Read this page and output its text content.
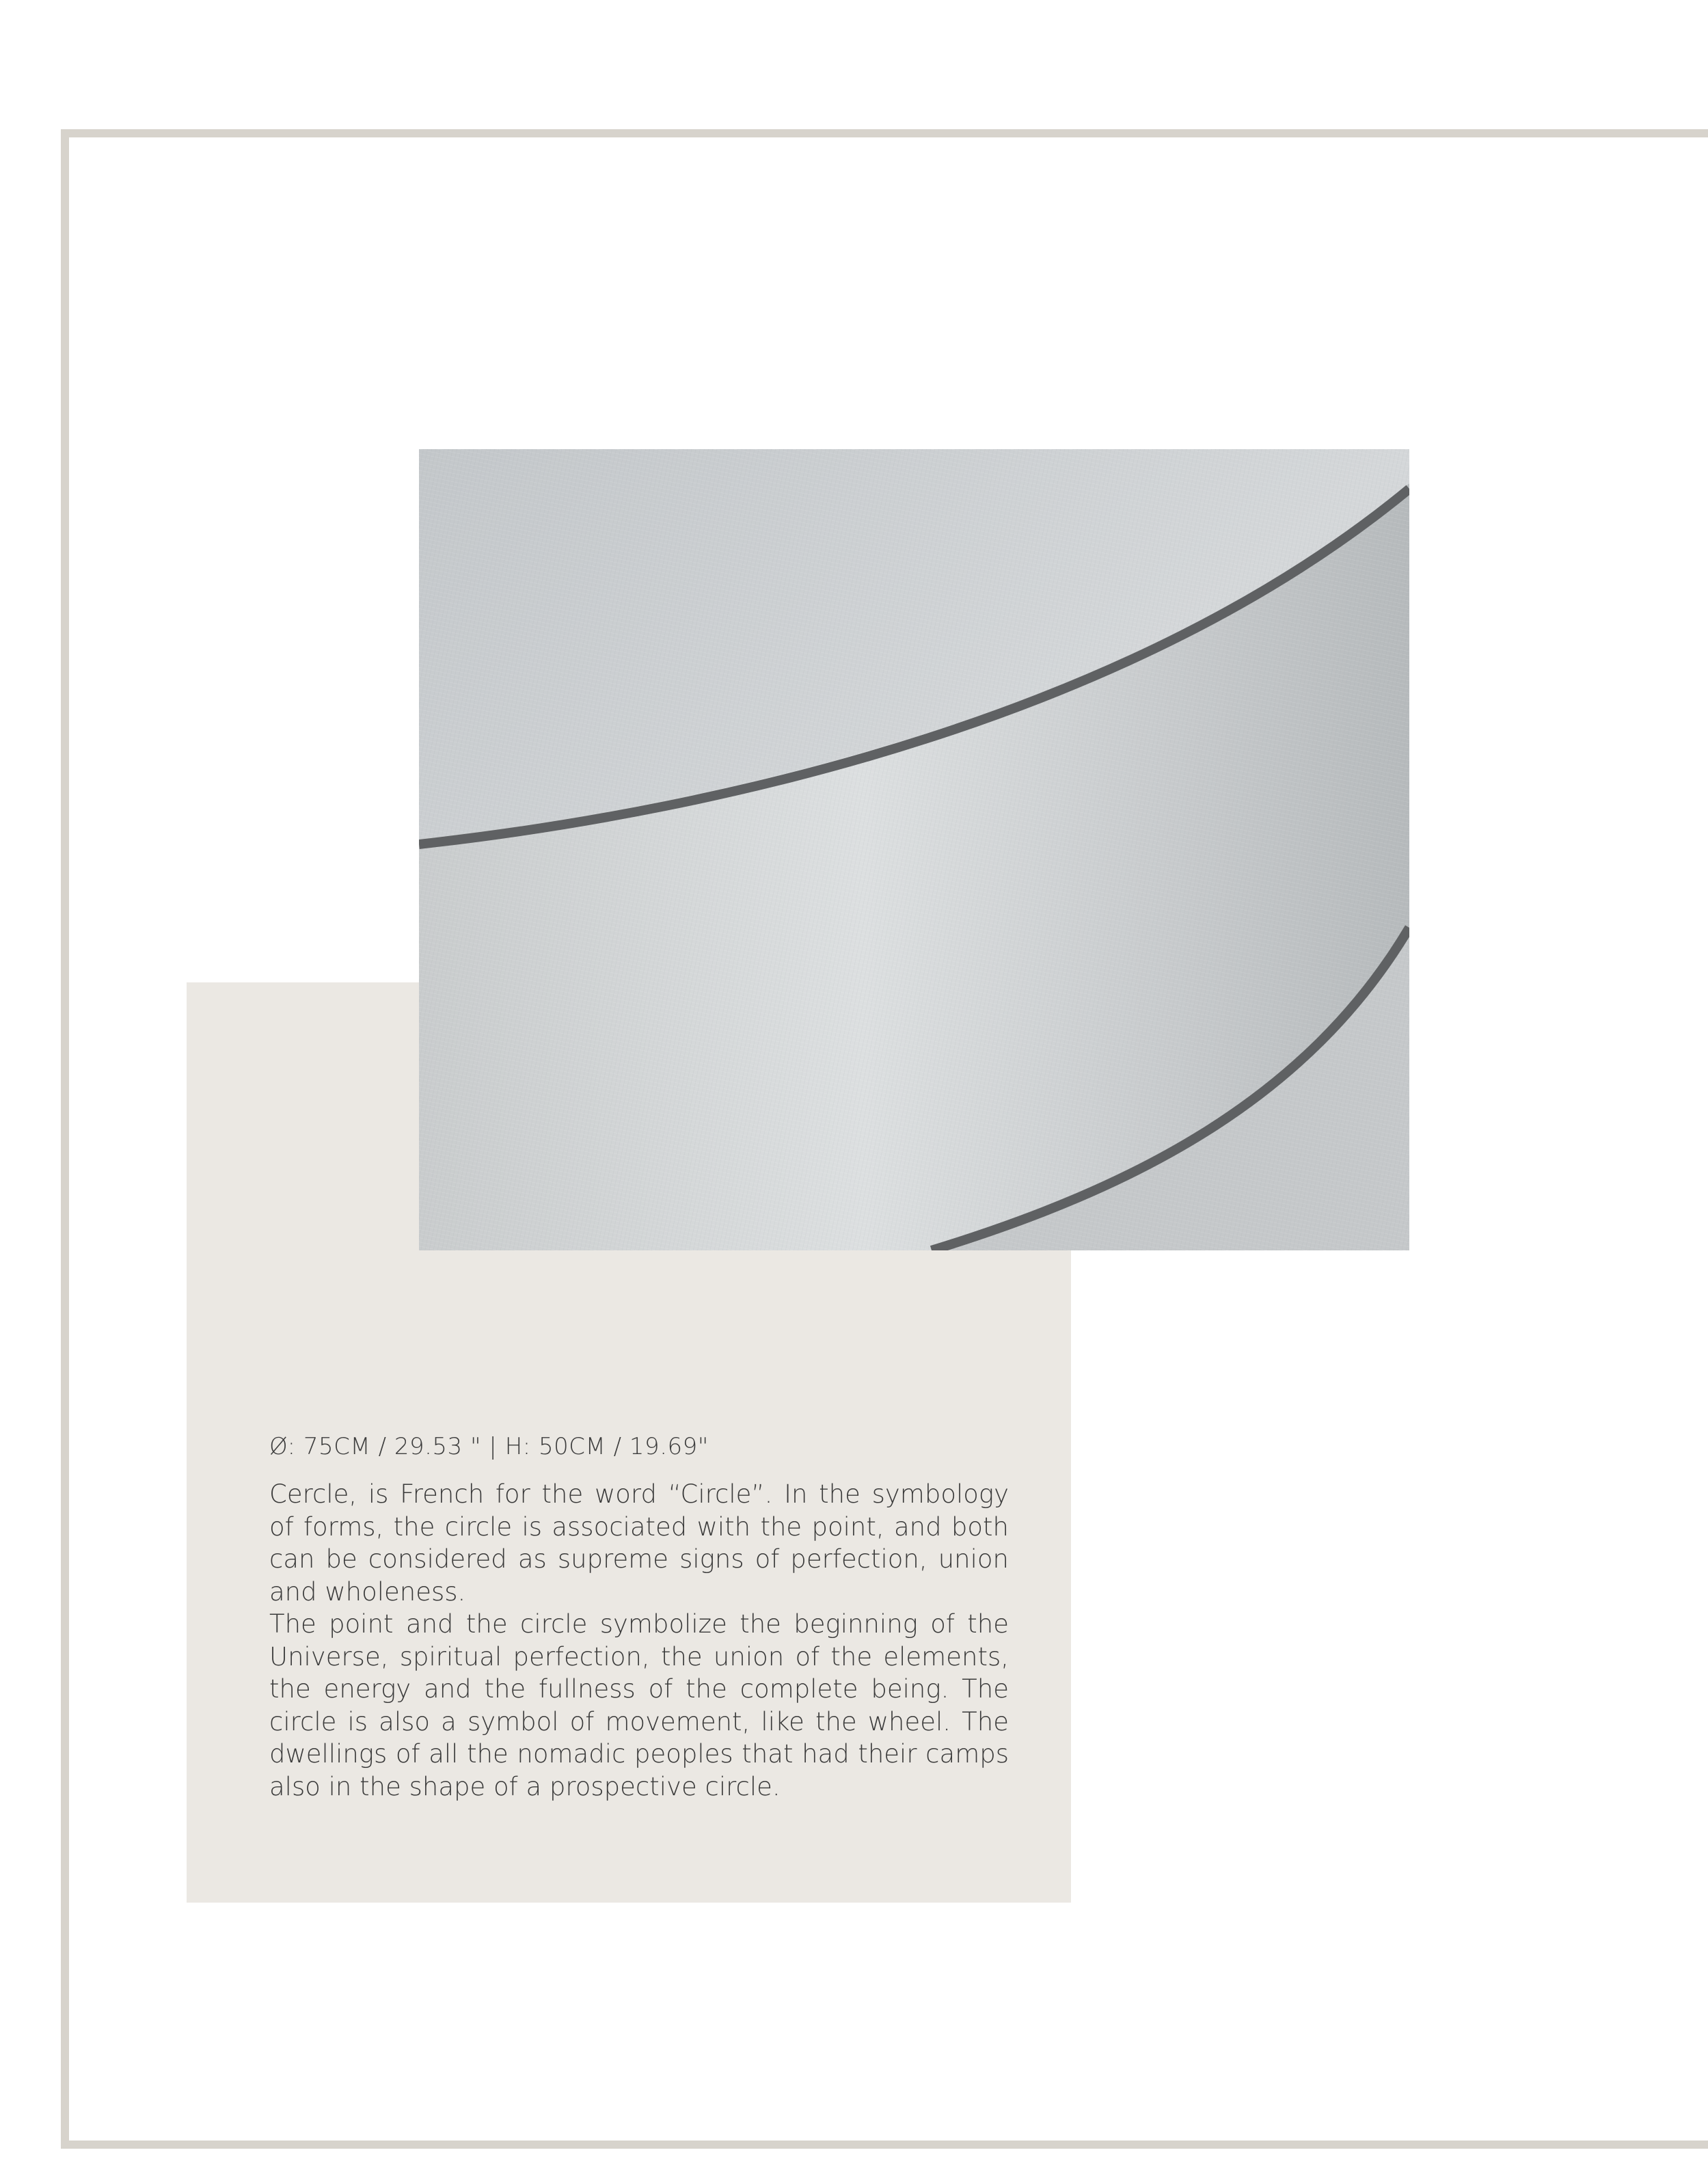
Ø: 75CM / 29.53 " | H: 50CM / 19.69"

Cercle, is French for the word “Circle”. In the symbology of forms, the circle is associated with the point, and both can be considered as supreme signs of perfection, union and wholeness.

The point and the circle symbolize the beginning of the Universe, spiritual perfection, the union of the elements, the energy and the fullness of the complete being. The circle is also a symbol of movement, like the wheel. The dwellings of all the nomadic peoples that had their camps also in the shape of a prospective circle.
